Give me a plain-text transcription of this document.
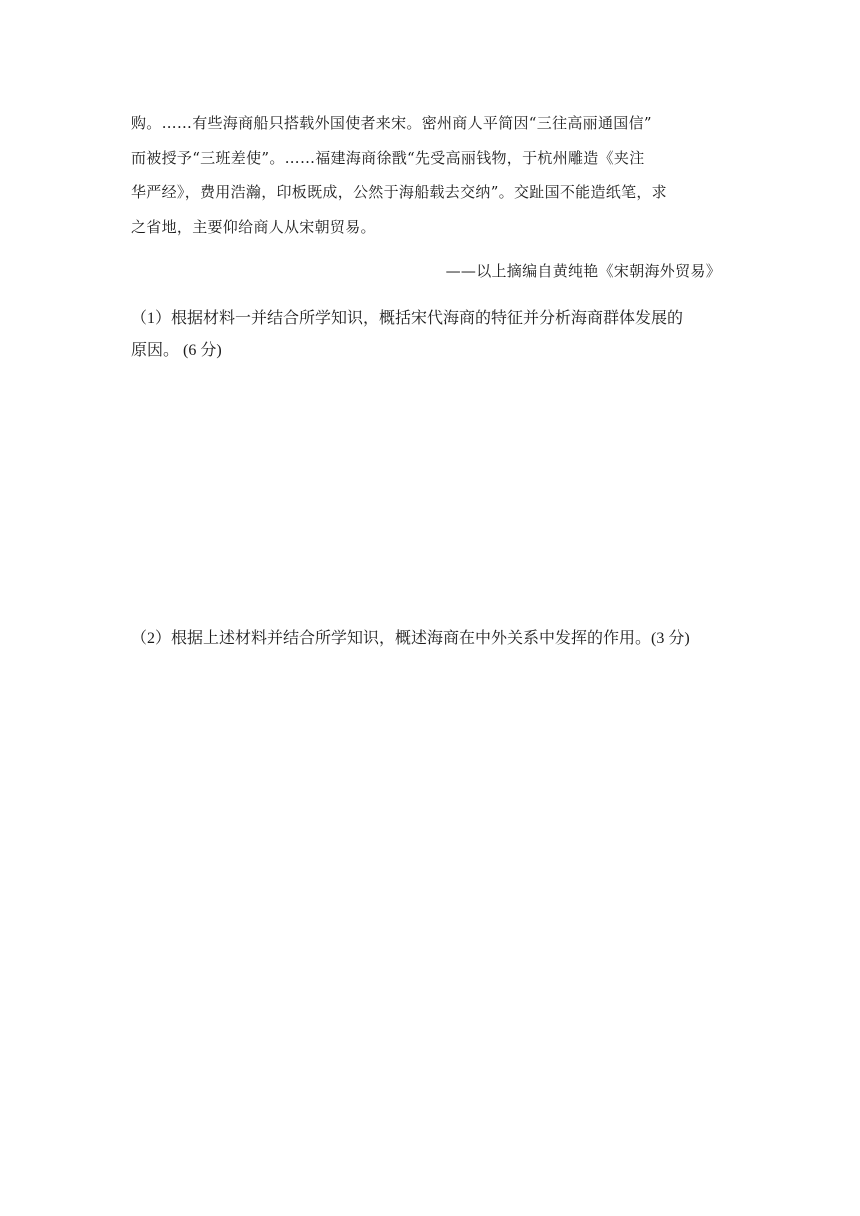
购。……有些海商船只搭载外国使者来宋。密州商人平简因“三往高丽通国信”
而被授予“三班差使”。……福建海商徐戬“先受高丽钱物，于杭州雕造《夹注
华严经》，费用浩瀚，印板既成，公然于海船载去交纳”。交趾国不能造纸笔，求
之省地，主要仰给商人从宋朝贸易。
——以上摘编自黄纯艳《宋朝海外贸易》
（1）根据材料一并结合所学知识，概括宋代海商的特征并分析海商群体发展的
原因。 (6 分)
（2）根据上述材料并结合所学知识，概述海商在中外关系中发挥的作用。(3 分)
